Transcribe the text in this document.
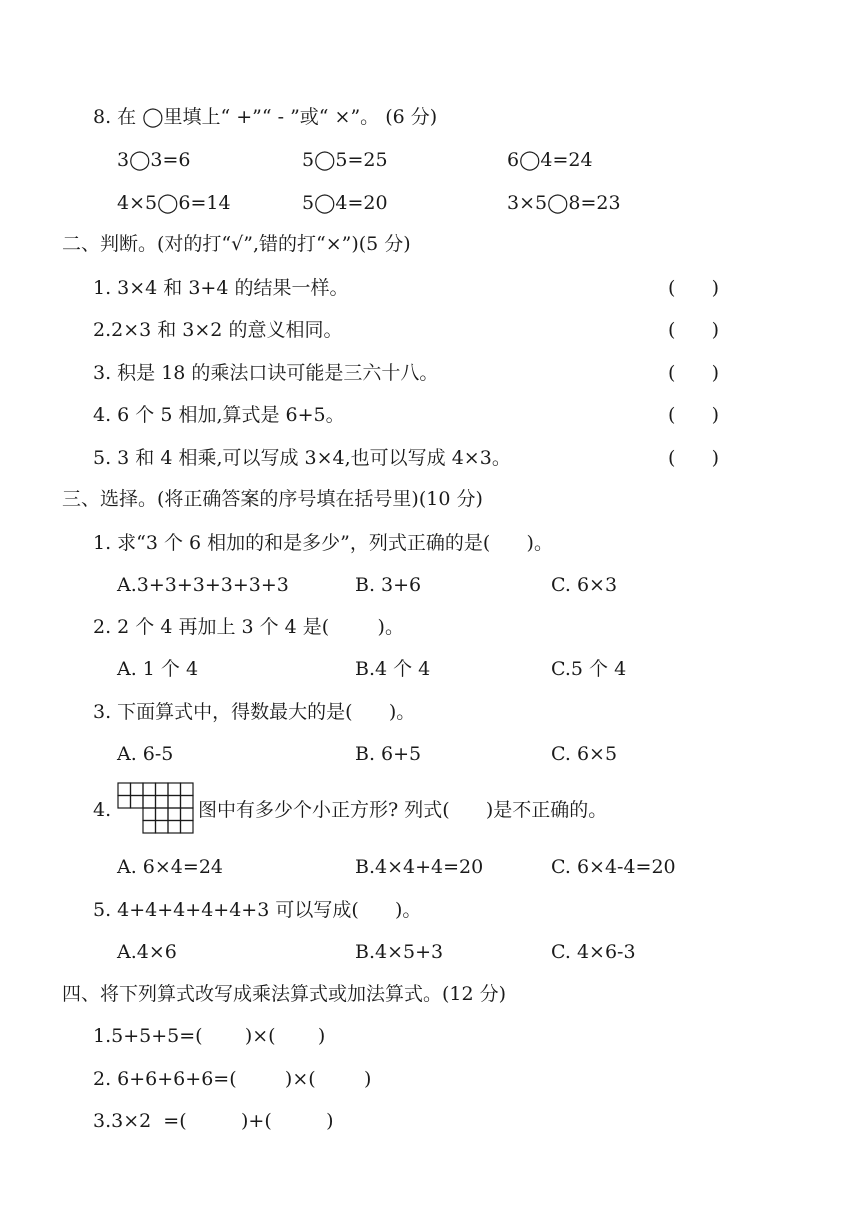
8. 在 ◯里填上“ +”“ - ”或“ ×”。 (6 分)
3◯3=6	5◯5=25	6◯4=24
4×5◯6=14	5◯4=20	3×5◯8=23
二、判断。(对的打“√”,错的打“×”)(5 分)
1. 3×4 和 3+4 的结果一样。	(      )
2.2×3 和 3×2 的意义相同。	(      )
3. 积是 18 的乘法口诀可能是三六十八。	(      )
4. 6 个 5 相加,算式是 6+5。	(      )
5. 3 和 4 相乘,可以写成 3×4,也可以写成 4×3。	(      )
三、选择。(将正确答案的序号填在括号里)(10 分)
1. 求“3 个 6 相加的和是多少”，列式正确的是(      )。
A.3+3+3+3+3+3	B. 3+6	C. 6×3
2. 2 个 4 再加上 3 个 4 是(        )。
A. 1 个 4	B.4 个 4	C.5 个 4
3. 下面算式中，得数最大的是(      )。
A. 6-5	B. 6+5	C. 6×5
4.	图中有多少个小正方形? 列式(      )是不正确的。
A. 6×4=24	B.4×4+4=20	C. 6×4-4=20
5. 4+4+4+4+4+3 可以写成(      )。
A.4×6	B.4×5+3	C. 4×6-3
四、将下列算式改写成乘法算式或加法算式。(12 分)
1.5+5+5=(       )×(       )
2. 6+6+6+6=(        )×(        )
3.3×2  =(         )+(         )
